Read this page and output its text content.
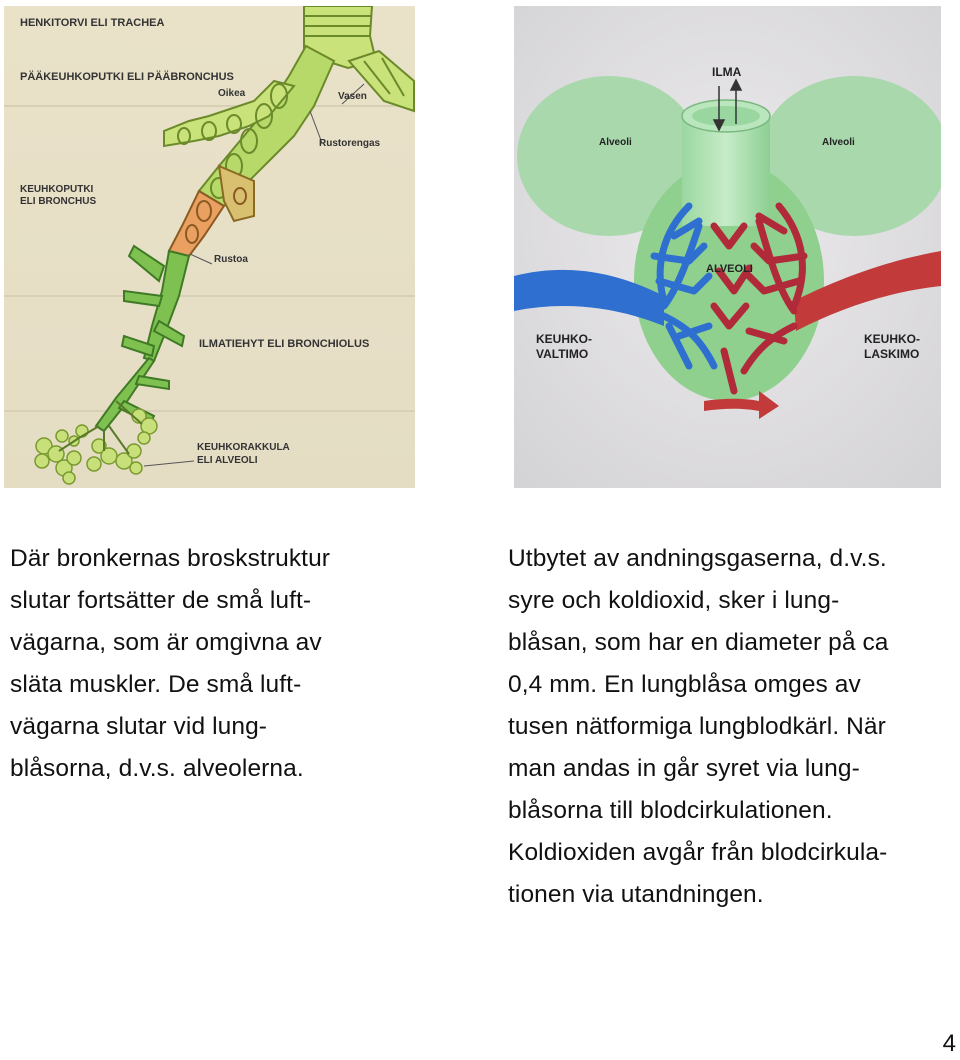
HENKITORVI ELI TRACHEA
PÄÄKEUHKOPUTKI ELI PÄÄBRONCHUS
Oikea	Vasen
Rustorengas
KEUHKOPUTKI
ELI BRONCHUS
Rustoa
ILMATIEHYT ELI BRONCHIOLUS
KEUHKORAKKULA
ELI ALVEOLI
ILMA
Alveoli	Alveoli
ALVEOLI
KEUHKO-
VALTIMO
KEUHKO-
LASKIMO
Där bronkernas broskstruktur
slutar fortsätter de små luft-
vägarna, som är omgivna av
släta muskler. De små luft-
vägarna slutar vid lung-
blåsorna, d.v.s. alveolerna.
Utbytet av andningsgaserna, d.v.s.
syre och koldioxid, sker i lung-
blåsan, som har en diameter på ca
0,4 mm. En lungblåsa omges av
tusen nätformiga lungblodkärl. När
man andas in går syret via lung-
blåsorna till blodcirkulationen.
Koldioxiden avgår från blodcirkula-
tionen via utandningen.
4
